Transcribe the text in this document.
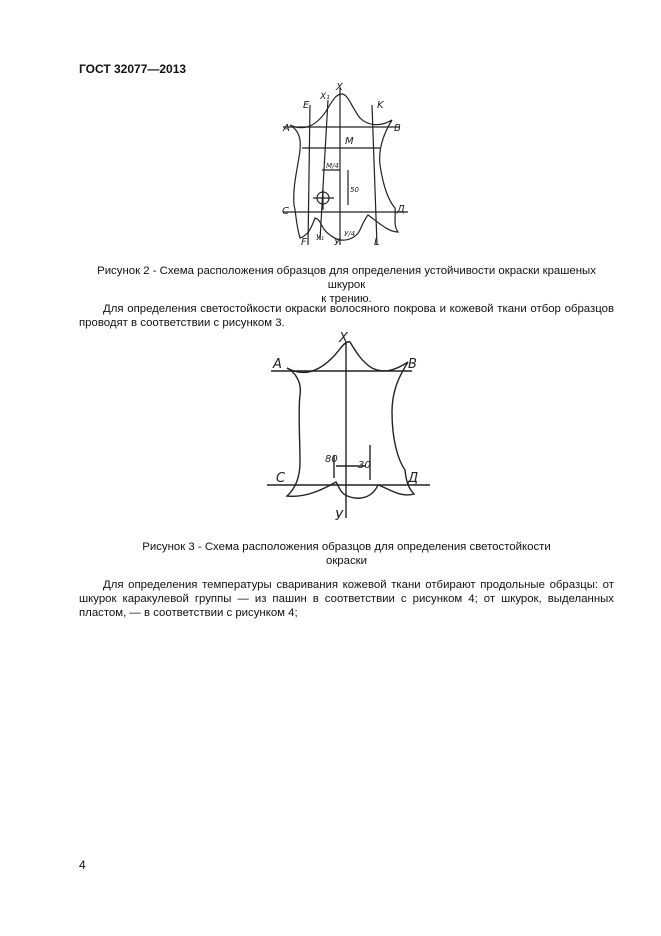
ГОСТ 32077—2013
X
X₁
E	K
A	B
M
M/4
50
C	Д
F У₁ У	L
У/4
Рисунок 2 - Схема расположения образцов для определения устойчивости окраски крашеных шкурок
к трению.
Для определения светостойкости окраски волосяного покрова и кожевой ткани отбор образцов проводят в соответствии с рисунком 3.
X
A	B
80
30
C	Д
У
Рисунок 3 - Схема расположения образцов для определения светостойкости
окраски
Для определения температуры сваривания кожевой ткани отбирают продольные образцы: от шкурок каракулевой группы — из пашин в соответствии с рисунком 4; от шкурок, выделанных пластом, — в соответствии с рисунком 4;
4
